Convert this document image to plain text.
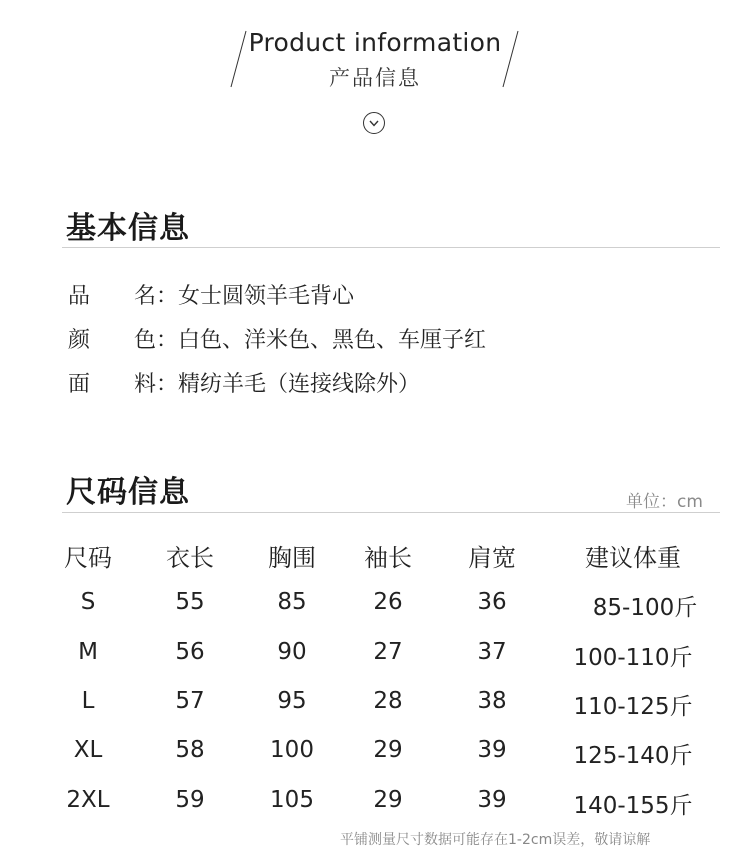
Product information
产品信息
基本信息
品 名 ： 女士圆领羊毛背心
颜 色 ： 白色、洋米色、黑色、车厘子红
面 料 ： 精纺羊毛（连接线除外）
尺码信息	单位：cm
尺码	衣长	胸围	袖长	肩宽	建议体重
S	55	85	26	36	85-100斤
M	56	90	27	37	100-110斤
L	57	95	28	38	110-125斤
XL	58	100	29	39	125-140斤
2XL	59	105	29	39	140-155斤
平铺测量尺寸数据可能存在1-2cm误差，敬请谅解
